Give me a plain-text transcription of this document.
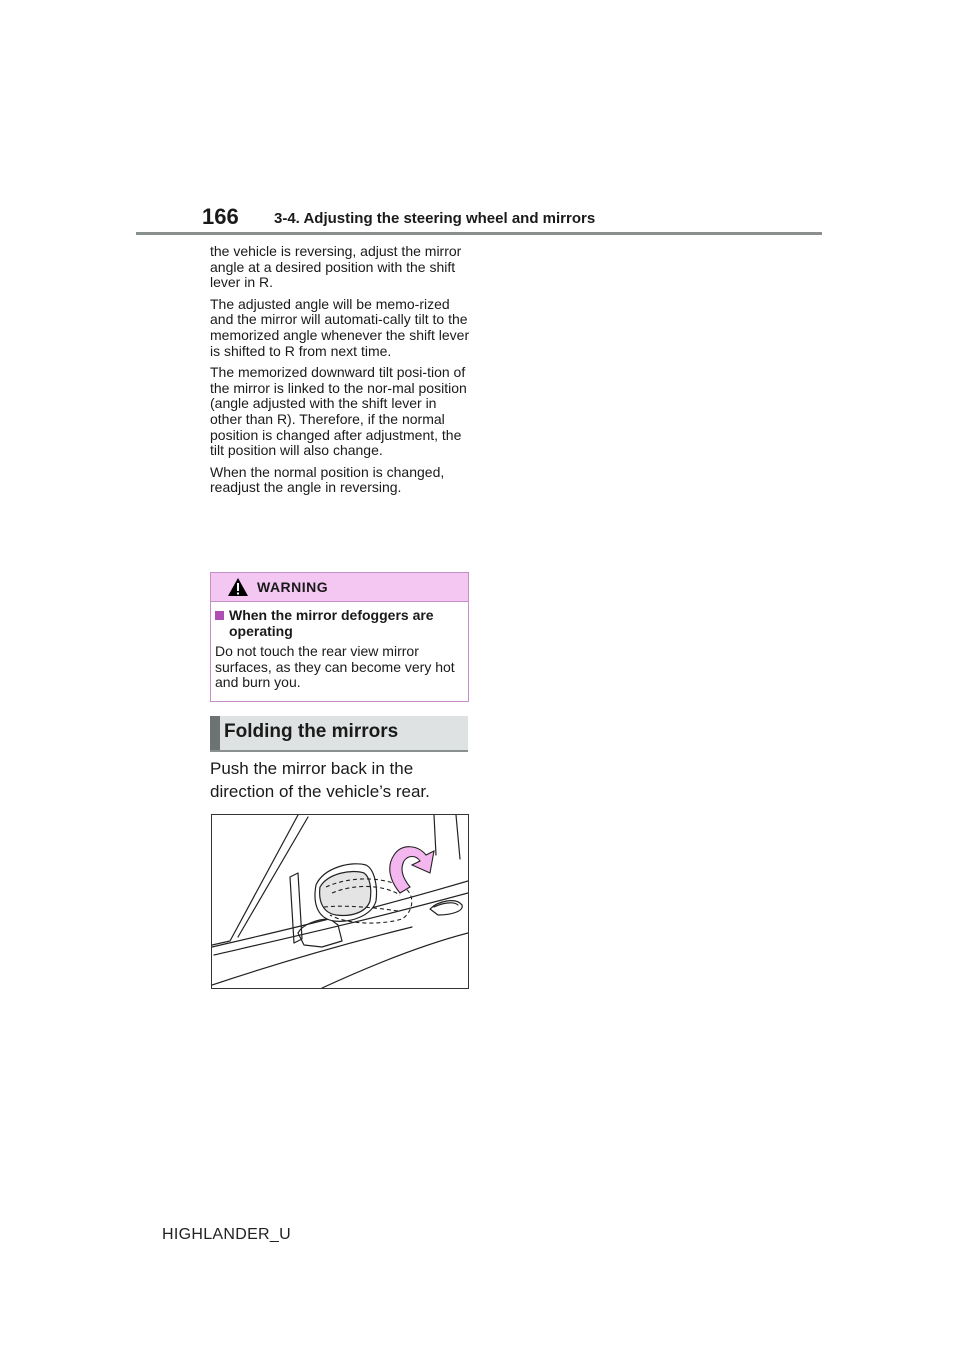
166 3-4. Adjusting the steering wheel and mirrors

the vehicle is reversing, adjust the mirror angle at a desired position with the shift lever in R.

The adjusted angle will be memo-rized and the mirror will automati-cally tilt to the memorized angle whenever the shift lever is shifted to R from next time.

The memorized downward tilt posi-tion of the mirror is linked to the nor-mal position (angle adjusted with the shift lever in other than R). Therefore, if the normal position is changed after adjustment, the tilt position will also change.

When the normal position is changed, readjust the angle in reversing.

WARNING
When the mirror defoggers are operating

Do not touch the rear view mirror surfaces, as they can become very hot and burn you.

Folding the mirrors

Push the mirror back in the direction of the vehicle’s rear.

HIGHLANDER_U
